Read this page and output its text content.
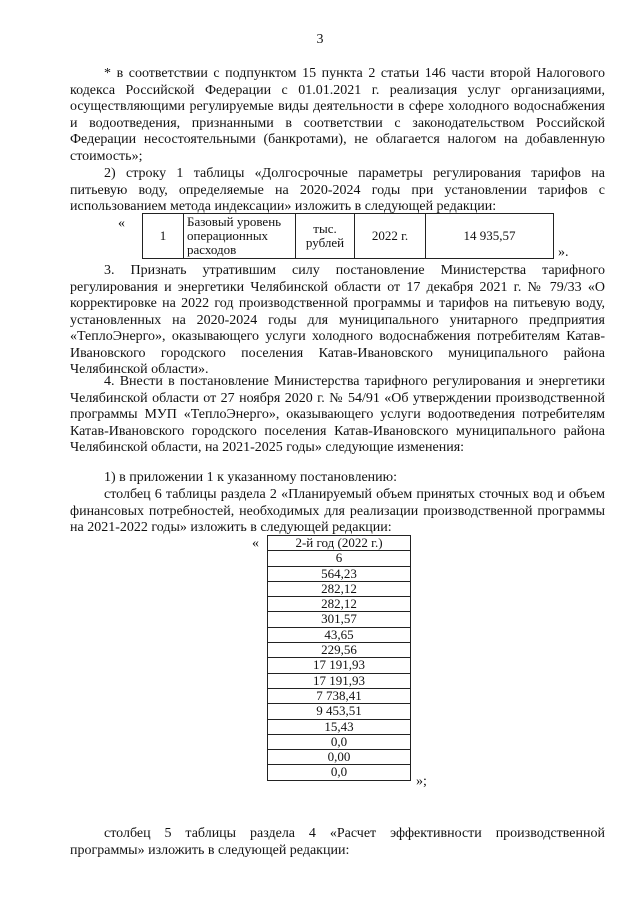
3

* в соответствии с подпунктом 15 пункта 2 статьи 146 части второй Налогового кодекса Российской Федерации с 01.01.2021 г. реализация услуг организациями, осуществляющими регулируемые виды деятельности в сфере холодного водоснабжения и водоотведения, признанными в соответствии с законодательством Российской Федерации несостоятельными (банкротами), не облагается налогом на добавленную стоимость»;

2) строку 1 таблицы «Долгосрочные параметры регулирования тарифов на питьевую воду, определяемые на 2020-2024 годы при установлении тарифов с использованием метода индексации» изложить в следующей редакции:

«
1	Базовый уровень операционных расходов	тыс. рублей	2022 г.	14 935,57
».

3. Признать утратившим силу постановление Министерства тарифного регулирования и энергетики Челябинской области от 17 декабря 2021 г. № 79/33 «О корректировке на 2022 год производственной программы и тарифов на питьевую воду, установленных на 2020-2024 годы для муниципального унитарного предприятия «ТеплоЭнерго», оказывающего услуги холодного водоснабжения потребителям Катав-Ивановского городского поселения Катав-Ивановского муниципального района Челябинской области».

4. Внести в постановление Министерства тарифного регулирования и энергетики Челябинской области от 27 ноября 2020 г. № 54/91 «Об утверждении производственной программы МУП «ТеплоЭнерго», оказывающего услуги водоотведения потребителям Катав-Ивановского городского поселения Катав-Ивановского муниципального района Челябинской области, на 2021-2025 годы» следующие изменения:

1) в приложении 1 к указанному постановлению:

столбец 6 таблицы раздела 2 «Планируемый объем принятых сточных вод и объем финансовых потребностей, необходимых для реализации производственной программы на 2021-2022 годы» изложить в следующей редакции:

«	2-й год (2022 г.)
6
564,23
282,12
282,12
301,57
43,65
229,56
17 191,93
17 191,93
7 738,41
9 453,51
15,43
0,0
0,00
0,0
»;

столбец 5 таблицы раздела 4 «Расчет эффективности производственной программы» изложить в следующей редакции:
